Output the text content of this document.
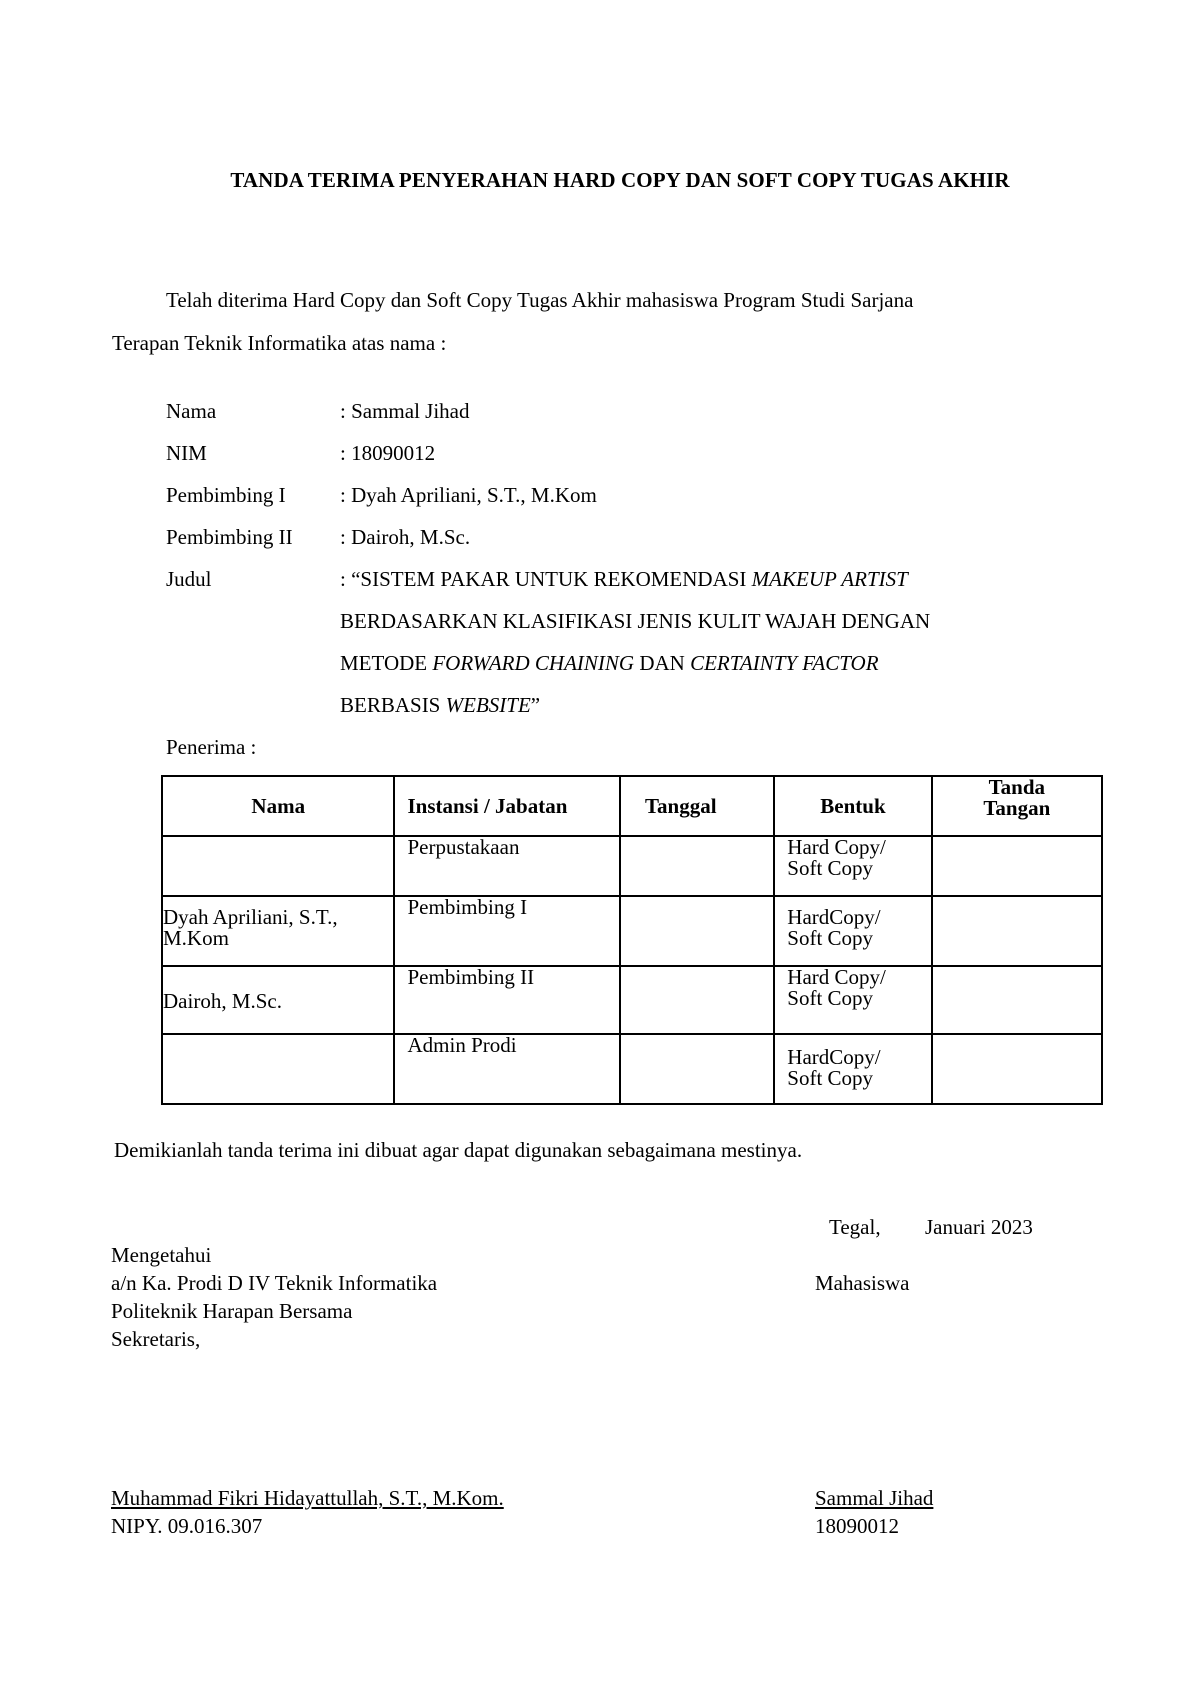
TANDA TERIMA PENYERAHAN HARD COPY DAN SOFT COPY TUGAS AKHIR
Telah diterima Hard Copy dan Soft Copy Tugas Akhir mahasiswa Program Studi Sarjana
Terapan Teknik Informatika atas nama :
Nama	: Sammal Jihad
NIM	: 18090012
Pembimbing I	: Dyah Apriliani, S.T., M.Kom
Pembimbing II : Dairoh, M.Sc.
Judul	: “SISTEM PAKAR UNTUK REKOMENDASI MAKEUP ARTIST
BERDASARKAN KLASIFIKASI JENIS KULIT WAJAH DENGAN
METODE FORWARD CHAINING DAN CERTAINTY FACTOR
BERBASIS WEBSITE”
Penerima :
Nama	Instansi / Jabatan	Tanggal	Bentuk	Tanda
Tangan

	Perpustakaan		Hard Copy/
Soft Copy	

Dyah Apriliani, S.T.,
M.Kom	Pembimbing I		HardCopy/
Soft Copy	

Dairoh, M.Sc.	Pembimbing II		Hard Copy/
Soft Copy	

	Admin Prodi		HardCopy/
Soft Copy	

Demikianlah tanda terima ini dibuat agar dapat digunakan sebagaimana mestinya.
Tegal, Januari 2023
Mengetahui
a/n Ka. Prodi D IV Teknik Informatika
Politeknik Harapan Bersama
Sekretaris,
Mahasiswa
Muhammad Fikri Hidayattullah, S.T., M.Kom.
NIPY. 09.016.307
Sammal Jihad
18090012
